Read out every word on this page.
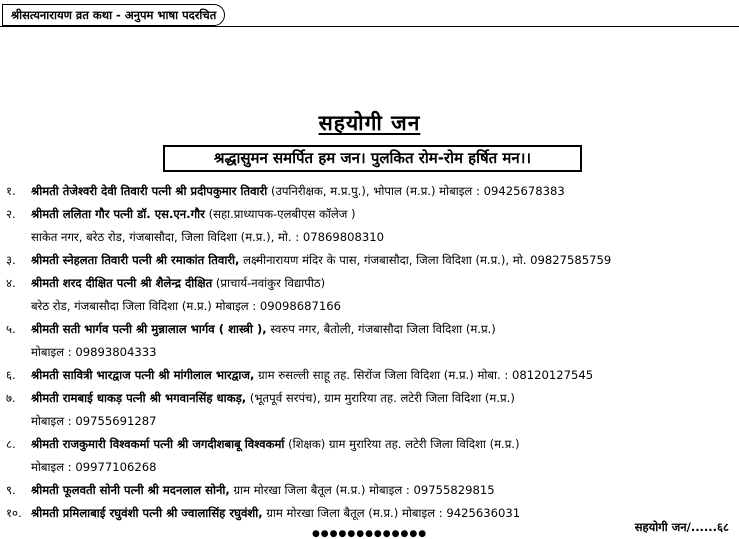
श्रीसत्यनारायण व्रत कथा - अनुपम भाषा पदरचित
सहयोगी जन
श्रद्धासुमन समर्पित हम जन। पुलकित रोम-रोम हर्षित मन।।
१. श्रीमती तेजेश्वरी देवी तिवारी पत्नी श्री प्रदीपकुमार तिवारी (उपनिरीक्षक, म.प्र.पु.), भोपाल (म.प्र.) मोबाइल : 09425678383
२. श्रीमती ललिता गौर पत्नी डॉ. एस.एन.गौर (सहा.प्राध्यापक-एलबीएस कॉलेज )
साकेत नगर, बरेठ रोड, गंजबासौदा, जिला विदिशा (म.प्र.), मो. : 07869808310
३. श्रीमती स्नेहलता तिवारी पत्नी श्री रमाकांत तिवारी, लक्ष्मीनारायण मंदिर के पास, गंजबासौदा, जिला विदिशा (म.प्र.), मो. 09827585759
४. श्रीमती शरद दीक्षित पत्नी श्री शैलेन्द्र दीक्षित (प्राचार्य-नवांकुर विद्यापीठ)
बरेठ रोड, गंजबासौदा जिला विदिशा (म.प्र.) मोबाइल : 09098687166
५. श्रीमती सती भार्गव पत्नी श्री मुन्नालाल भार्गव ( शास्त्री ), स्वरुप नगर, बैतोली, गंजबासौदा जिला विदिशा (म.प्र.)
मोबाइल : 09893804333
६. श्रीमती सावित्री भारद्वाज पत्नी श्री मांगीलाल भारद्वाज, ग्राम रुसल्ली साहू तह. सिरोंज जिला विदिशा (म.प्र.) मोबा. : 08120127545
७. श्रीमती रामबाई धाकड़ पत्नी श्री भगवानसिंह धाकड़, (भूतपूर्व सरपंच), ग्राम मुरारिया तह. लटेरी जिला विदिशा (म.प्र.)
मोबाइल : 09755691287
८. श्रीमती राजकुमारी विश्वकर्मा पत्नी श्री जगदीशबाबू विश्वकर्मा (शिक्षक) ग्राम मुरारिया तह. लटेरी जिला विदिशा (म.प्र.)
मोबाइल : 09977106268
९. श्रीमती फूलवती सोनी पत्नी श्री मदनलाल सोनी, ग्राम मोरखा जिला बैतूल (म.प्र.) मोबाइल : 09755829815
१०. श्रीमती प्रमिलाबाई रघुवंशी पत्नी श्री ज्वालासिंह रघुवंशी, ग्राम मोरखा जिला बैतूल (म.प्र.) मोबाइल : 9425636031
सहयोगी जन/......६८
●●●●●●●●●●●●●
